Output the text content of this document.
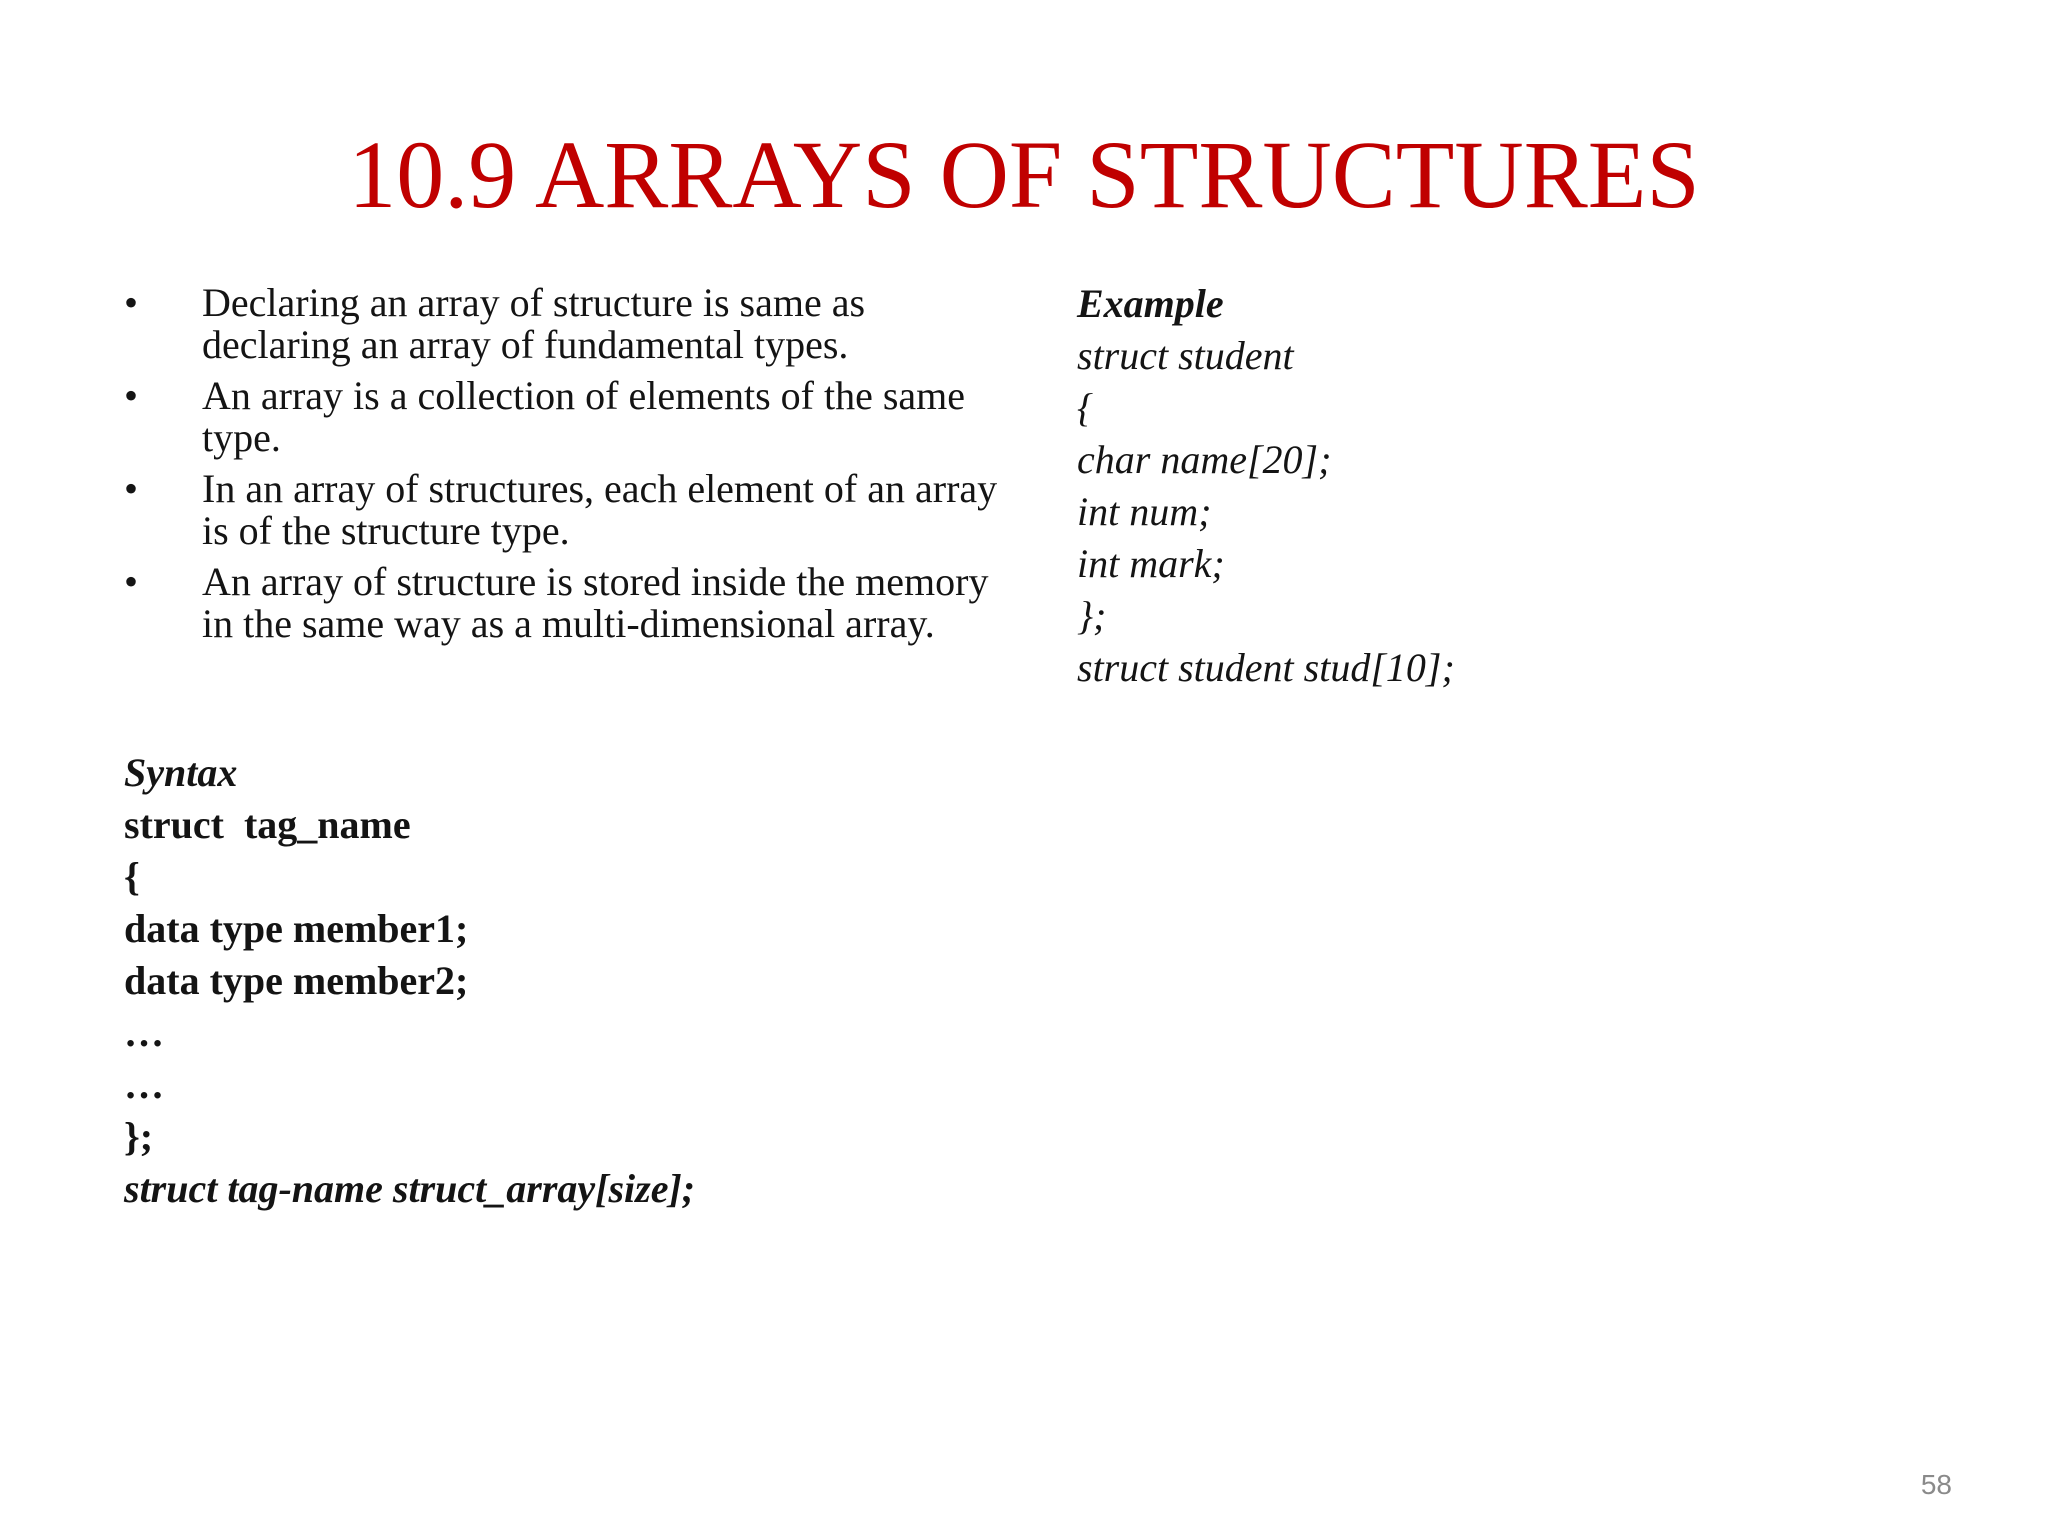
10.9 ARRAYS OF STRUCTURES
•	Declaring an array of structure is same as declaring an array of fundamental types.
•	An array is a collection of elements of the same type.
•	In an array of structures, each element of an array is of the structure type.
•	An array of structure is stored inside the memory in the same way as a multi-dimensional array.
Syntax
struct  tag_name
{
data type member1;
data type member2;
…
…
};
struct tag-name struct_array[size];
Example
struct student
{
char name[20];
int num;
int mark;
};
struct student stud[10];
58
